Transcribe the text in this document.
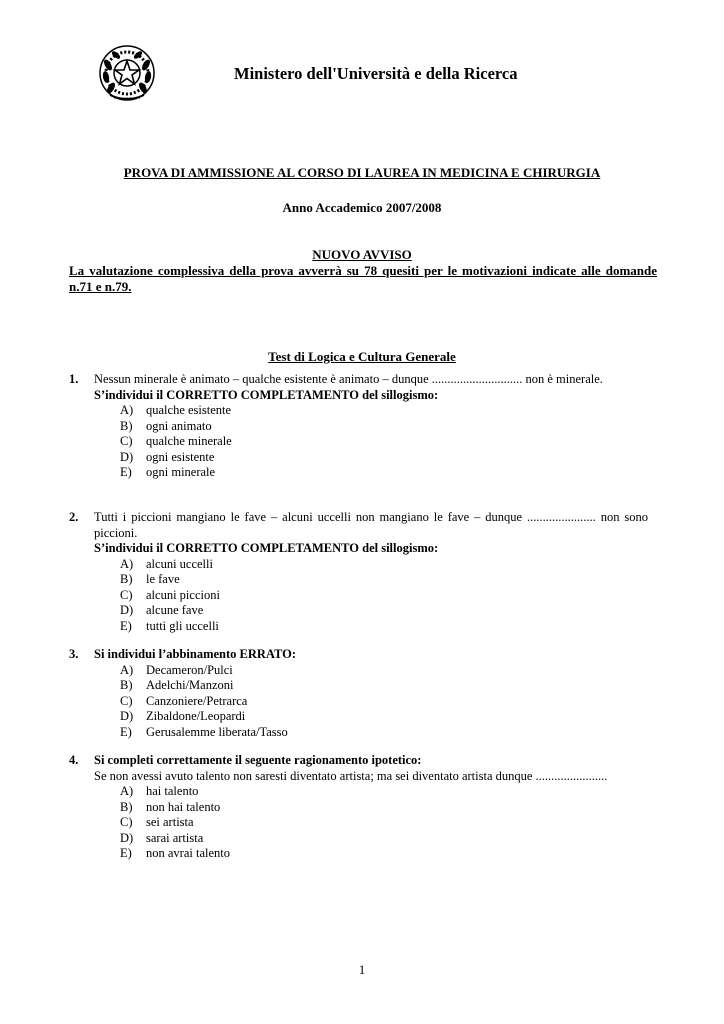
Ministero dell'Università e della Ricerca
PROVA DI AMMISSIONE AL CORSO DI LAUREA IN MEDICINA E CHIRURGIA
Anno Accademico 2007/2008
NUOVO AVVISO
La valutazione complessiva della prova avverrà su 78 quesiti per le motivazioni indicate alle domande n.71 e n.79.
Test di Logica e Cultura Generale
1. Nessun minerale è animato – qualche esistente è animato – dunque ............................. non è minerale.
S’individui il CORRETTO COMPLETAMENTO del sillogismo:
A) qualche esistente
B) ogni animato
C) qualche minerale
D) ogni esistente
E) ogni minerale
2. Tutti i piccioni mangiano le fave – alcuni uccelli non mangiano le fave – dunque ...................... non sono piccioni.
S’individui il CORRETTO COMPLETAMENTO del sillogismo:
A) alcuni uccelli
B) le fave
C) alcuni piccioni
D) alcune fave
E) tutti gli uccelli
3. Si individui l’abbinamento ERRATO:
A) Decameron/Pulci
B) Adelchi/Manzoni
C) Canzoniere/Petrarca
D) Zibaldone/Leopardi
E) Gerusalemme liberata/Tasso
4. Si completi correttamente il seguente ragionamento ipotetico:
Se non avessi avuto talento non saresti diventato artista; ma sei diventato artista dunque .......................
A) hai talento
B) non hai talento
C) sei artista
D) sarai artista
E) non avrai talento
1
